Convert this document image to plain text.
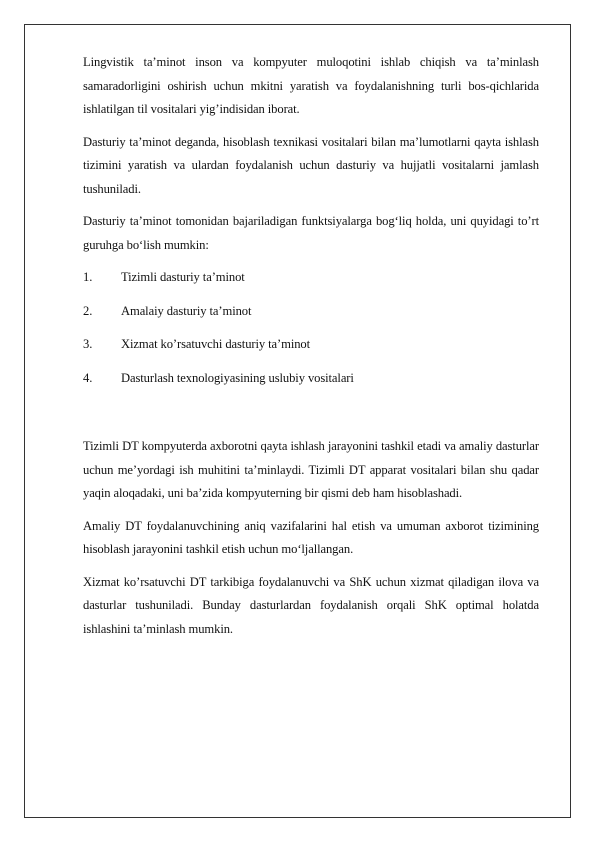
Lingvistik ta’minot inson va kompyuter muloqotini ishlab chiqish va ta’minlash samaradorligini oshirish uchun mkitni yaratish va foydalanishning turli bos-qichlarida ishlatilgan til vositalari yig’indisidan iborat.

Dasturiy ta’minot deganda, hisoblash texnikasi vositalari bilan ma’lumotlarni qayta ishlash tizimini yaratish va ulardan foydalanish uchun dasturiy va hujjatli vositalarni jamlash tushuniladi.

Dasturiy ta’minot tomonidan bajariladigan funktsiyalarga bog‘liq holda, uni quyidagi to’rt guruhga bo‘lish mumkin:

1.	Tizimli dasturiy ta’minot
2.	Amalaiy dasturiy ta’minot
3.	Xizmat ko’rsatuvchi dasturiy ta’minot
4.	Dasturlash texnologiyasining uslubiy vositalari

Tizimli DT kompyuterda axborotni qayta ishlash jarayonini tashkil etadi va amaliy dasturlar uchun me’yordagi ish muhitini ta’minlaydi. Tizimli DT apparat vositalari bilan shu qadar yaqin aloqadaki, uni ba’zida kompyuterning bir qismi deb ham hisoblashadi.

Amaliy DT foydalanuvchining aniq vazifalarini hal etish va umuman axborot tizimining hisoblash jarayonini tashkil etish uchun mo‘ljallangan.

Xizmat ko’rsatuvchi DT tarkibiga foydalanuvchi va ShK uchun xizmat qiladigan ilova va dasturlar tushuniladi. Bunday dasturlardan foydalanish orqali ShK optimal holatda ishlashini ta’minlash mumkin.
